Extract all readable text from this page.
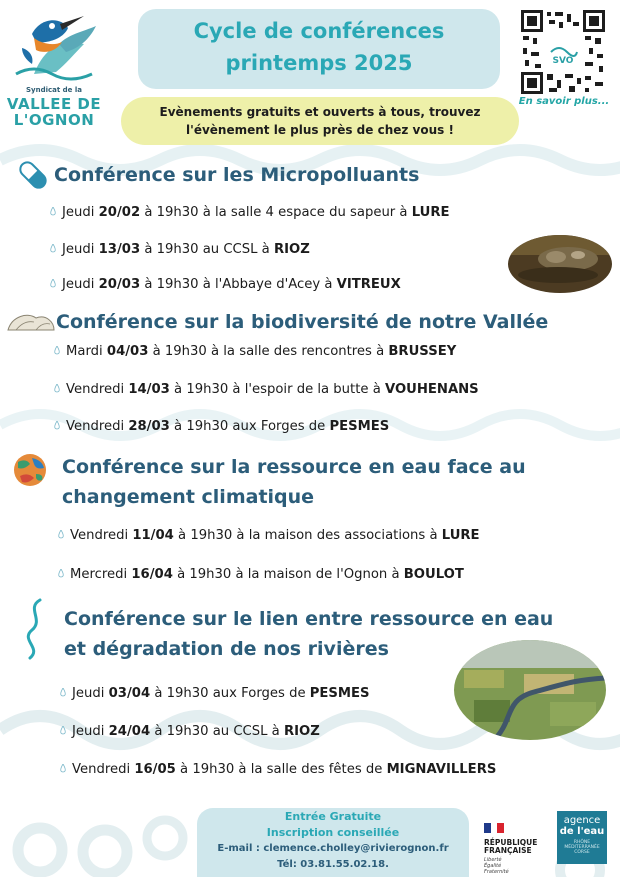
Syndicat de la
VALLEE DE
L'OGNON
Cycle de conférences
printemps 2025	SVO
En savoir plus...
Evènements gratuits et ouverts à tous, trouvez
l'évènement le plus près de chez vous !
Conférence sur les Micropolluants
Jeudi 20/02 à 19h30 à la salle 4 espace du sapeur à LURE
Jeudi 13/03 à 19h30 au CCSL à RIOZ
Jeudi 20/03 à 19h30 à l'Abbaye d'Acey à VITREUX
Conférence sur la biodiversité de notre Vallée
Mardi 04/03 à 19h30 à la salle des rencontres à BRUSSEY
Vendredi 14/03 à 19h30 à l'espoir de la butte à VOUHENANS
Vendredi 28/03 à 19h30 aux Forges de PESMES
Conférence sur la ressource en eau face au
changement climatique
Vendredi 11/04 à 19h30 à la maison des associations à LURE
Mercredi 16/04 à 19h30 à la maison de l'Ognon à BOULOT
Conférence sur le lien entre ressource en eau
et dégradation de nos rivières
Jeudi 03/04 à 19h30 aux Forges de PESMES
Jeudi 24/04 à 19h30 au CCSL à RIOZ
Vendredi 16/05 à 19h30 à la salle des fêtes de MIGNAVILLERS
Entrée Gratuite
Inscription conseillée
E-mail : clemence.cholley@rivierognon.fr
Tél: 03.81.55.02.18.
RÉPUBLIQUE
FRANÇAISE
Liberté
Égalité
Fraternité
agence
de l'eau
RHÔNE
MÉDITERRANÉE
CORSE
